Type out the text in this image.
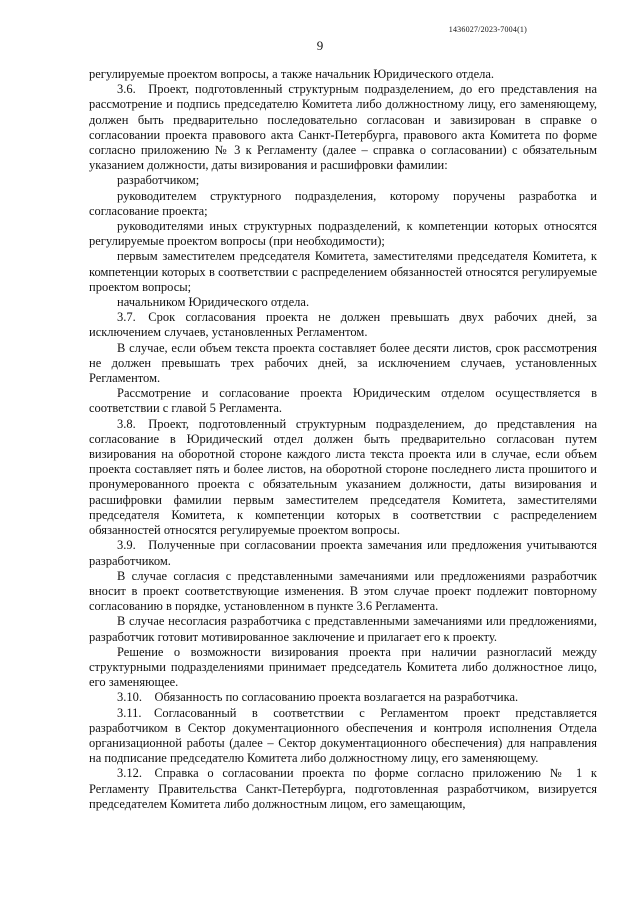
1436027/2023-7004(1)
9

регулируемые проектом вопросы, а также начальник Юридического отдела.

3.6. Проект, подготовленный структурным подразделением, до его представления на рассмотрение и подпись председателю Комитета либо должностному лицу, его заменяющему, должен быть предварительно последовательно согласован и завизирован в справке о согласовании проекта правового акта Санкт-Петербурга, правового акта Комитета по форме согласно приложению № 3 к Регламенту (далее – справка о согласовании) с обязательным указанием должности, даты визирования и расшифровки фамилии:

разработчиком;

руководителем структурного подразделения, которому поручены разработка и согласование проекта;

руководителями иных структурных подразделений, к компетенции которых относятся регулируемые проектом вопросы (при необходимости);

первым заместителем председателя Комитета, заместителями председателя Комитета, к компетенции которых в соответствии с распределением обязанностей относятся регулируемые проектом вопросы;

начальником Юридического отдела.

3.7. Срок согласования проекта не должен превышать двух рабочих дней, за исключением случаев, установленных Регламентом.

В случае, если объем текста проекта составляет более десяти листов, срок рассмотрения не должен превышать трех рабочих дней, за исключением случаев, установленных Регламентом.

Рассмотрение и согласование проекта Юридическим отделом осуществляется в соответствии с главой 5 Регламента.

3.8. Проект, подготовленный структурным подразделением, до представления на согласование в Юридический отдел должен быть предварительно согласован путем визирования на оборотной стороне каждого листа текста проекта или в случае, если объем проекта составляет пять и более листов, на оборотной стороне последнего листа прошитого и пронумерованного проекта с обязательным указанием должности, даты визирования и расшифровки фамилии первым заместителем председателя Комитета, заместителями председателя Комитета, к компетенции которых в соответствии с распределением обязанностей относятся регулируемые проектом вопросы.

3.9. Полученные при согласовании проекта замечания или предложения учитываются разработчиком.

В случае согласия с представленными замечаниями или предложениями разработчик вносит в проект соответствующие изменения. В этом случае проект подлежит повторному согласованию в порядке, установленном в пункте 3.6 Регламента.

В случае несогласия разработчика с представленными замечаниями или предложениями, разработчик готовит мотивированное заключение и прилагает его к проекту.

Решение о возможности визирования проекта при наличии разногласий между структурными подразделениями принимает председатель Комитета либо должностное лицо, его заменяющее.

3.10. Обязанность по согласованию проекта возлагается на разработчика.

3.11. Согласованный в соответствии с Регламентом проект представляется разработчиком в Сектор документационного обеспечения и контроля исполнения Отдела организационной работы (далее – Сектор документационного обеспечения) для направления на подписание председателю Комитета либо должностному лицу, его заменяющему.

3.12. Справка о согласовании проекта по форме согласно приложению № 1 к Регламенту Правительства Санкт-Петербурга, подготовленная разработчиком, визируется председателем Комитета либо должностным лицом, его замещающим,
